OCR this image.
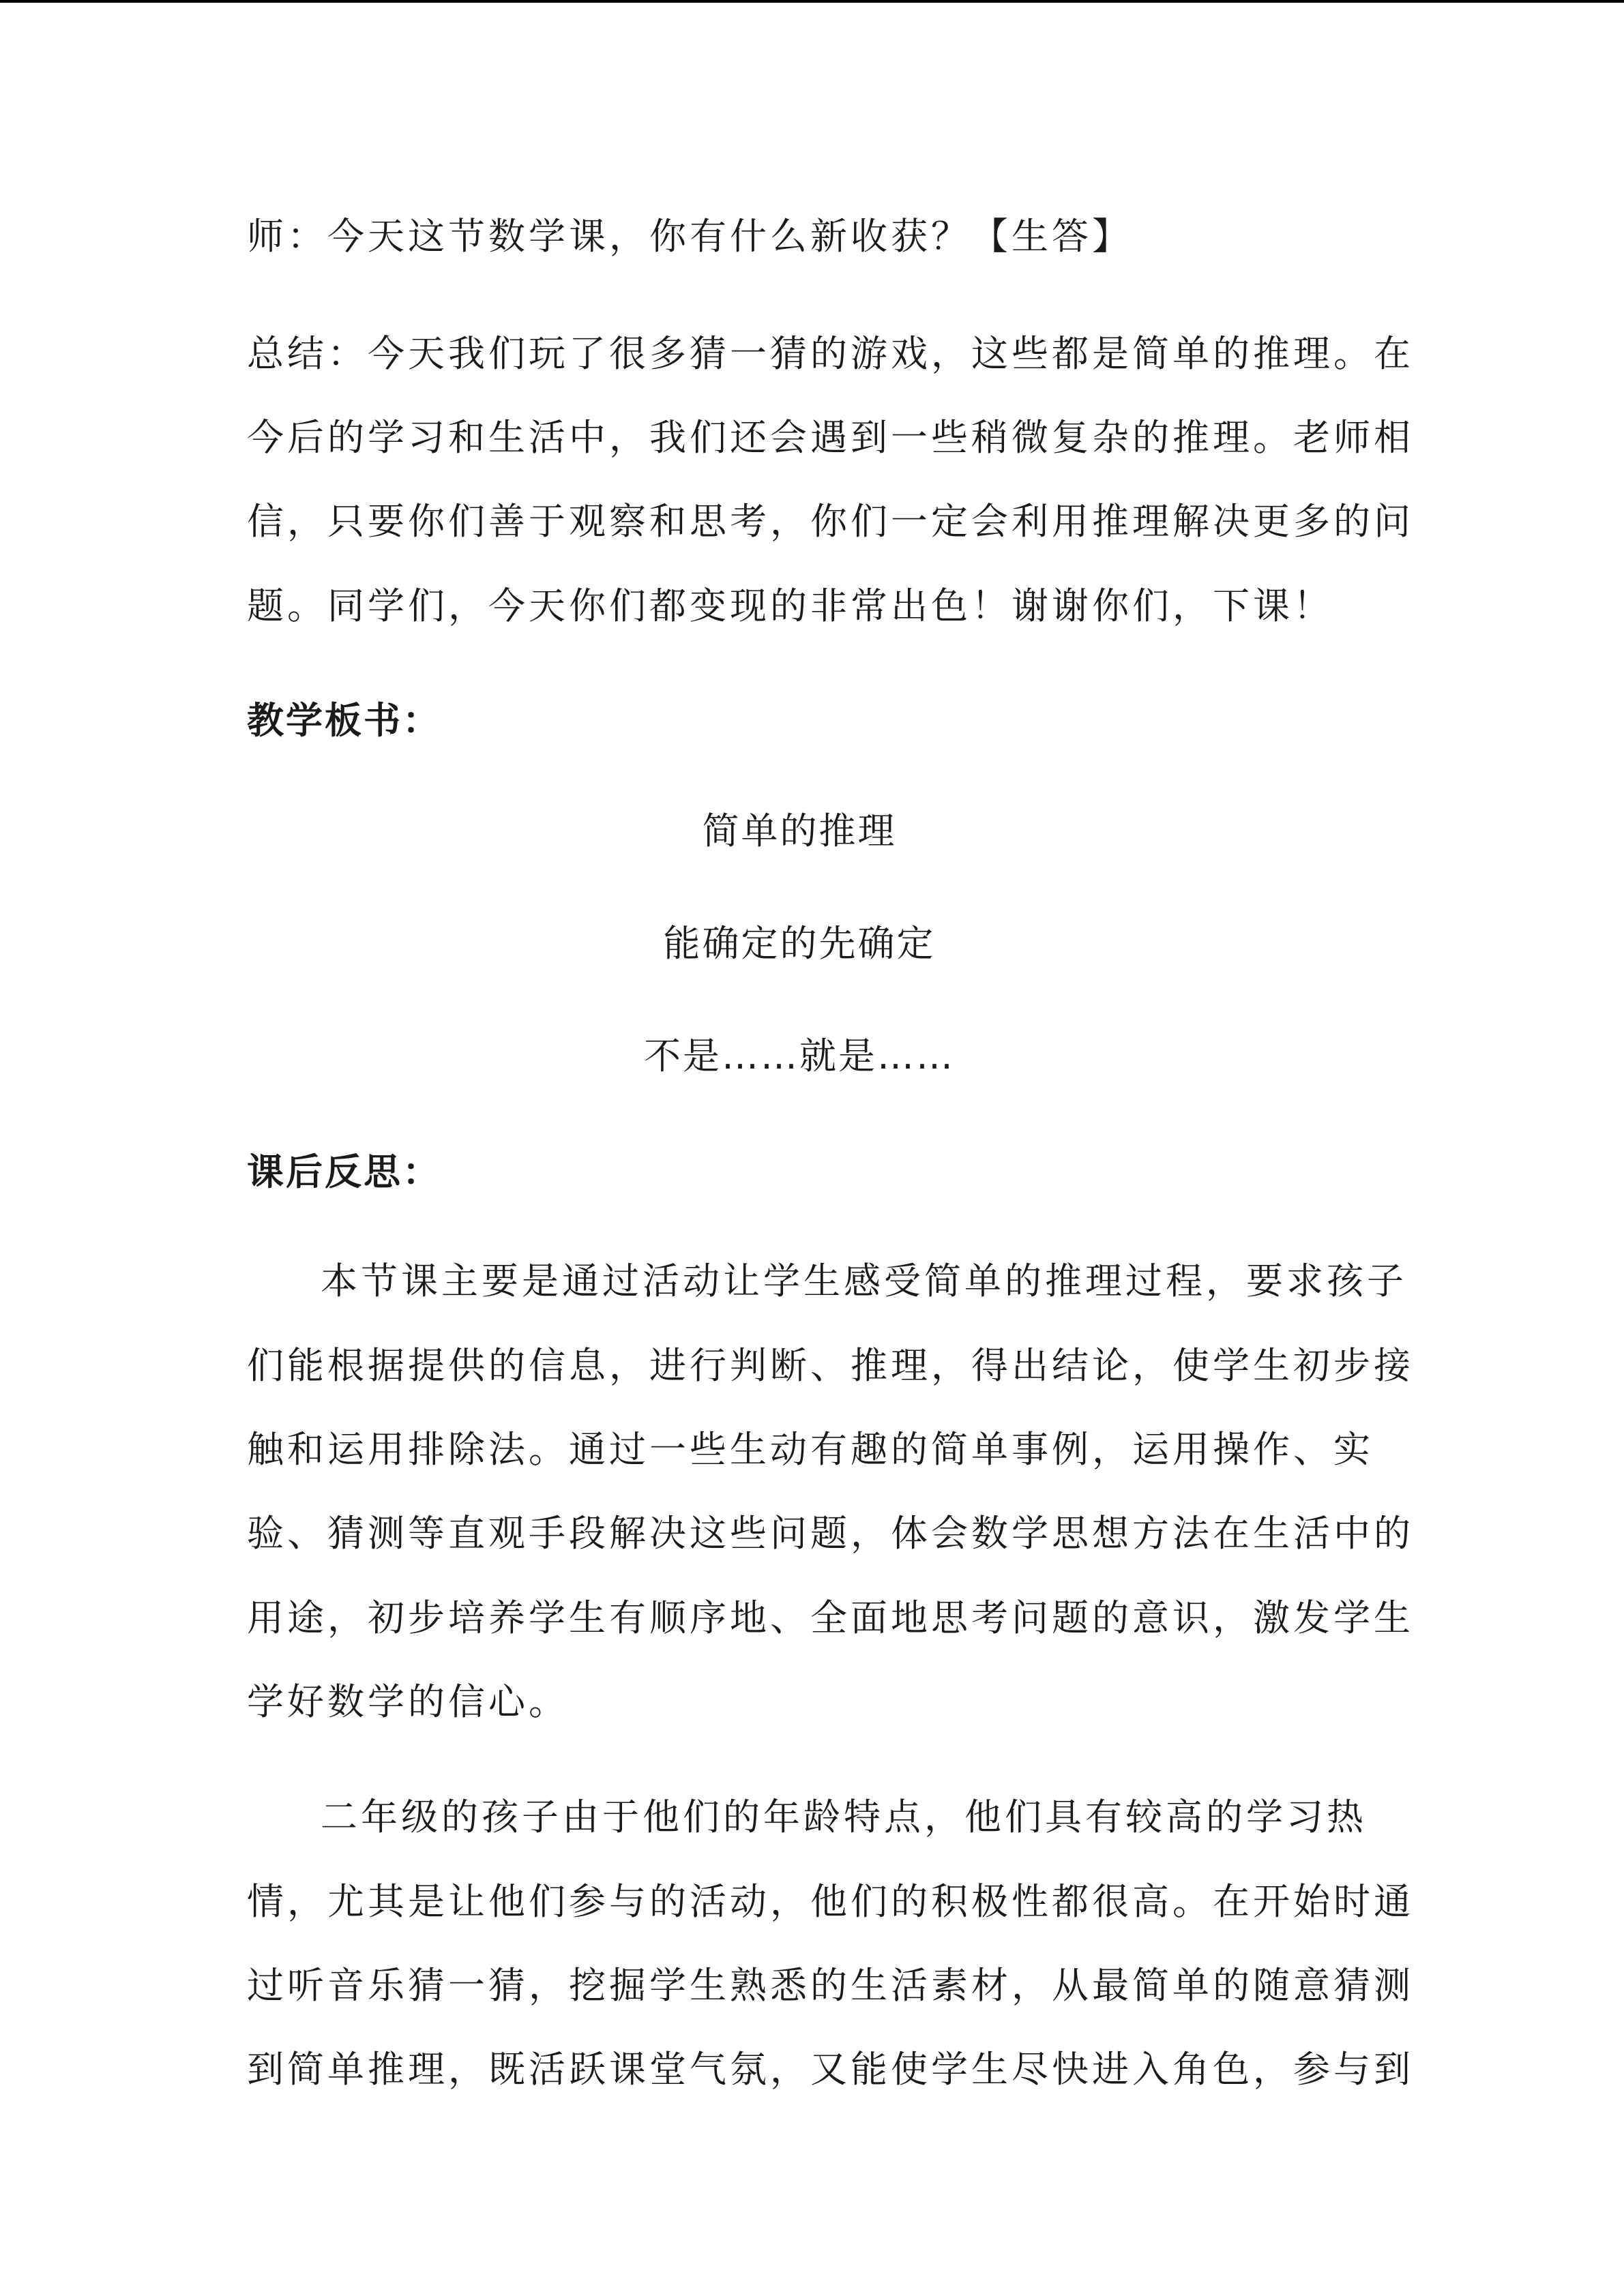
师：今天这节数学课，你有什么新收获？【生答】
总结：今天我们玩了很多猜一猜的游戏，这些都是简单的推理。在
今后的学习和生活中，我们还会遇到一些稍微复杂的推理。老师相
信，只要你们善于观察和思考，你们一定会利用推理解决更多的问
题。同学们，今天你们都变现的非常出色！谢谢你们，下课！
教学板书：
简单的推理
能确定的先确定
不是……就是……
课后反思：
本节课主要是通过活动让学生感受简单的推理过程，要求孩子
们能根据提供的信息，进行判断、推理，得出结论，使学生初步接
触和运用排除法。通过一些生动有趣的简单事例，运用操作、实
验、猜测等直观手段解决这些问题，体会数学思想方法在生活中的
用途，初步培养学生有顺序地、全面地思考问题的意识，激发学生
学好数学的信心。
二年级的孩子由于他们的年龄特点，他们具有较高的学习热
情，尤其是让他们参与的活动，他们的积极性都很高。在开始时通
过听音乐猜一猜，挖掘学生熟悉的生活素材，从最简单的随意猜测
到简单推理，既活跃课堂气氛，又能使学生尽快进入角色，参与到
